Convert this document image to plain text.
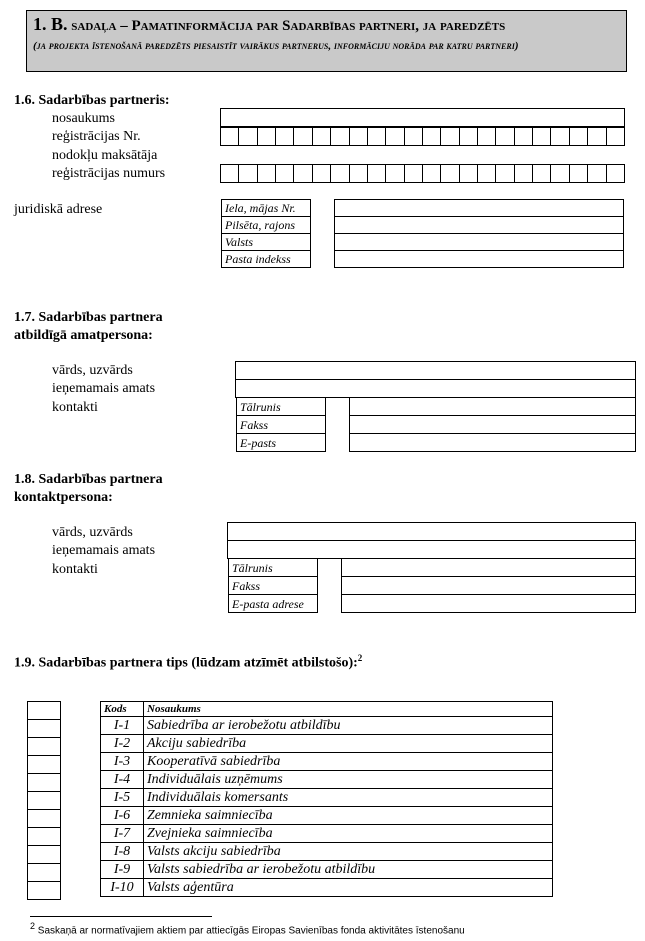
1. B. sadaļa – Pamatinformācija par Sadarbības partneri, ja paredzēts
(ja projekta īstenošanā paredzēts piesaistīt vairākus partnerus, informāciju norāda par katru partneri)
1.6. Sadarbības partneris:
nosaukums
reģistrācijas Nr.
nodokļu maksātāja
reģistrācijas numurs
juridiskā adrese	Iela, mājas Nr.
Pilsēta, rajons
Valsts
Pasta indekss

1.7. Sadarbības partnera
atbildīgā amatpersona:
vārds, uzvārds
ieņemamais amats
kontakti	Tālrunis
Fakss
E-pasts

1.8. Sadarbības partnera
kontaktpersona:
vārds, uzvārds
ieņemamais amats
kontakti	Tālrunis
Fakss
E-pasta adrese

1.9. Sadarbības partnera tips (lūdzam atzīmēt atbilstošo):$^2$

Kods	Nosaukums
I-1	Sabiedrība ar ierobežotu atbildību
I-2	Akciju sabiedrība
I-3	Kooperatīvā sabiedrība
I-4	Individuālais uzņēmums
I-5	Individuālais komersants
I-6	Zemnieka saimniecība
I-7	Zvejnieka saimniecība
I-8	Valsts akciju sabiedrība
I-9	Valsts sabiedrība ar ierobežotu atbildību
I-10	Valsts aģentūra
2 Saskaņā ar normatīvajiem aktiem par attiecīgās Eiropas Savienības fonda aktivitātes īstenošanu
